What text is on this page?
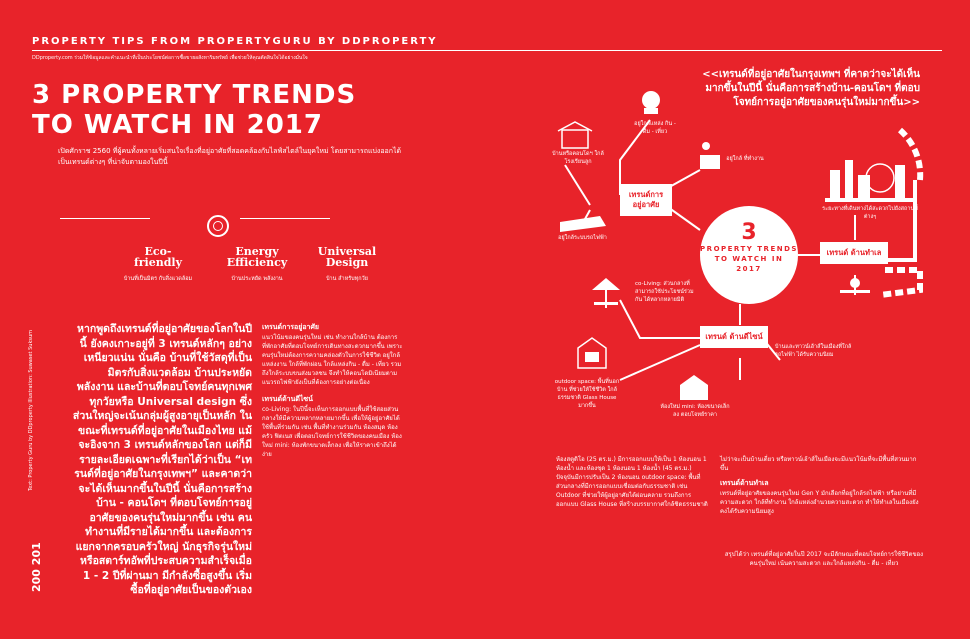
PROPERTY TIPS FROM PROPERTYGURU BY DDPROPERTY
DDproperty.com ร่วมให้ข้อมูลและคำแนะนำที่เป็นประโยชน์ต่อการซื้อขายอสังหาริมทรัพย์ เพื่อช่วยให้คุณตัดสินใจได้อย่างมั่นใจ
3 PROPERTY TRENDS
TO WATCH IN 2017
เปิดศักราช 2560 ที่ผู้คนทั้งหลายเริ่มสนใจเรื่องที่อยู่อาศัยที่สอดคล้องกับไลฟ์สไตล์ในยุคใหม่ โดยสามารถแบ่งออกได้เป็นเทรนด์ต่างๆ ที่น่าจับตามองในปีนี้
Eco-friendly
บ้านที่เป็นมิตร กับสิ่งแวดล้อม
Energy Efficiency
บ้านประหยัด พลังงาน
Universal Design
บ้าน สำหรับทุกวัย
Text: Property Guru by DDproperty Illustration: Suwaset Suksum
200 201
หากพูดถึงเทรนด์ที่อยู่อาศัยของโลกในปีนี้ ยังคงเกาะอยู่ที่ 3 เทรนด์หลักๆ อย่างเหนียวแน่น นั่นคือ บ้านที่ใช้วัสดุที่เป็นมิตรกับสิ่งแวดล้อม บ้านประหยัดพลังงาน และบ้านที่ตอบโจทย์คนทุกเพศทุกวัยหรือ Universal design ซึ่งส่วนใหญ่จะเน้นกลุ่มผู้สูงอายุเป็นหลัก ในขณะที่เทรนด์ที่อยู่อาศัยในเมืองไทย แม้จะอิงจาก 3 เทรนด์หลักของโลก แต่ก็มีรายละเอียดเฉพาะที่เรียกได้ว่าเป็น “เทรนด์ที่อยู่อาศัยในกรุงเทพฯ” และคาดว่าจะได้เห็นมากขึ้นในปีนี้ นั่นคือการสร้างบ้าน - คอนโดฯ ที่ตอบโจทย์การอยู่อาศัยของคนรุ่นใหม่มากขึ้น เช่น คนทำงานที่มีรายได้มากขึ้น และต้องการแยกจากครอบครัวใหญ่ นักธุรกิจรุ่นใหม่ หรือสตาร์ทอัพที่ประสบความสำเร็จเมื่อ 1 - 2 ปีที่ผ่านมา มีกำลังซื้อสูงขึ้น เริ่มซื้อที่อยู่อาศัยเป็นของตัวเอง
เทรนด์การอยู่อาศัย
แนวโน้มของคนรุ่นใหม่ เช่น ทำงานใกล้บ้าน ต้องการที่พักอาศัยที่ตอบโจทย์การเดินทางสะดวกมากขึ้น เพราะคนรุ่นใหม่ต้องการความคล่องตัวในการใช้ชีวิต อยู่ใกล้แหล่งงาน ใกล้ที่พักผ่อน ใกล้แหล่งกิน - ดื่ม - เที่ยว รวมถึงใกล้ระบบขนส่งมวลชน จึงทำให้คอนโดมิเนียมตามแนวรถไฟฟ้ายังเป็นที่ต้องการอย่างต่อเนื่อง
เทรนด์ด้านดีไซน์
co-Living: ในปีนี้จะเห็นการออกแบบพื้นที่ใช้สอยส่วนกลางให้มีความหลากหลายมากขึ้น เพื่อให้ผู้อยู่อาศัยได้ใช้พื้นที่ร่วมกัน เช่น พื้นที่ทำงานร่วมกัน ห้องสมุด ห้องครัว ฟิตเนส เพื่อตอบโจทย์การใช้ชีวิตของคนเมือง ห้องใหม่ mini: ห้องพักขนาดเล็กลง เพื่อให้ราคาเข้าถึงได้ง่าย
ห้องสตูดิโอ (25 ตร.ม.) มีการออกแบบให้เป็น 1 ห้องนอน 1 ห้องน้ำ และห้องชุด 1 ห้องนอน 1 ห้องน้ำ (45 ตร.ม.) ปัจจุบันมีการปรับเป็น 2 ห้องนอน outdoor space: พื้นที่ส่วนกลางที่มีการออกแบบเชื่อมต่อกับธรรมชาติ เช่น Outdoor ที่ช่วยให้ผู้อยู่อาศัยได้ผ่อนคลาย รวมถึงการออกแบบ Glass House ที่สร้างบรรยากาศใกล้ชิดธรรมชาติ
ไม่ว่าจะเป็นบ้านเดี่ยว หรือทาวน์เฮ้าส์ในเมืองจะมีแนวโน้มที่จะมีพื้นที่สวนมากขึ้น
เทรนด์ด้านทำเล
เทรนด์ที่อยู่อาศัยของคนรุ่นใหม่ Gen Y มักเลือกที่อยู่ใกล้รถไฟฟ้า หรือย่านที่มีความสะดวก ใกล้ที่ทำงาน ใกล้แหล่งอำนวยความสะดวก ทำให้ทำเลในเมืองยังคงได้รับความนิยมสูง
สรุปได้ว่า เทรนด์ที่อยู่อาศัยในปี 2017 จะมีลักษณะที่ตอบโจทย์การใช้ชีวิตของคนรุ่นใหม่ เน้นความสะดวก และใกล้แหล่งกิน - ดื่ม - เที่ยว
<<เทรนด์ที่อยู่อาศัยในกรุงเทพฯ ที่คาดว่าจะได้เห็นมากขึ้นในปีนี้ นั่นคือการสร้างบ้าน-คอนโดฯ ที่ตอบโจทย์การอยู่อาศัยของคนรุ่นใหม่มากขึ้น>>
3
PROPERTY TRENDS TO WATCH IN 2017
เทรนด์การ อยู่อาศัย
เทรนด์ ด้านทำเล
เทรนด์ ด้านดีไซน์
บ้านหรือคอนโดฯ ใกล้โรงเรียนลูก
อยู่ใกล้แหล่ง กิน - ดื่ม - เที่ยว
อยู่ใกล้ ที่ทำงาน
อยู่ใกล้ระบบรถไฟฟ้า
ระยะทางที่เดินทางได้สะดวกไปยังสถานที่ต่างๆ
co-Living: ส่วนกลางที่สามารถใช้ประโยชน์ร่วมกัน ได้หลากหลายมิติ
outdoor space: พื้นที่นอกบ้าน ที่ช่วยให้ใช้ชีวิต ใกล้ธรรมชาติ Glass House มากขึ้น	ห้องใหม่ mini: ห้องขนาดเล็กลง ตอบโจทย์ราคา
บ้านและทาวน์เฮ้าส์ในเมืองที่ใกล้รถไฟฟ้า ได้รับความนิยม
